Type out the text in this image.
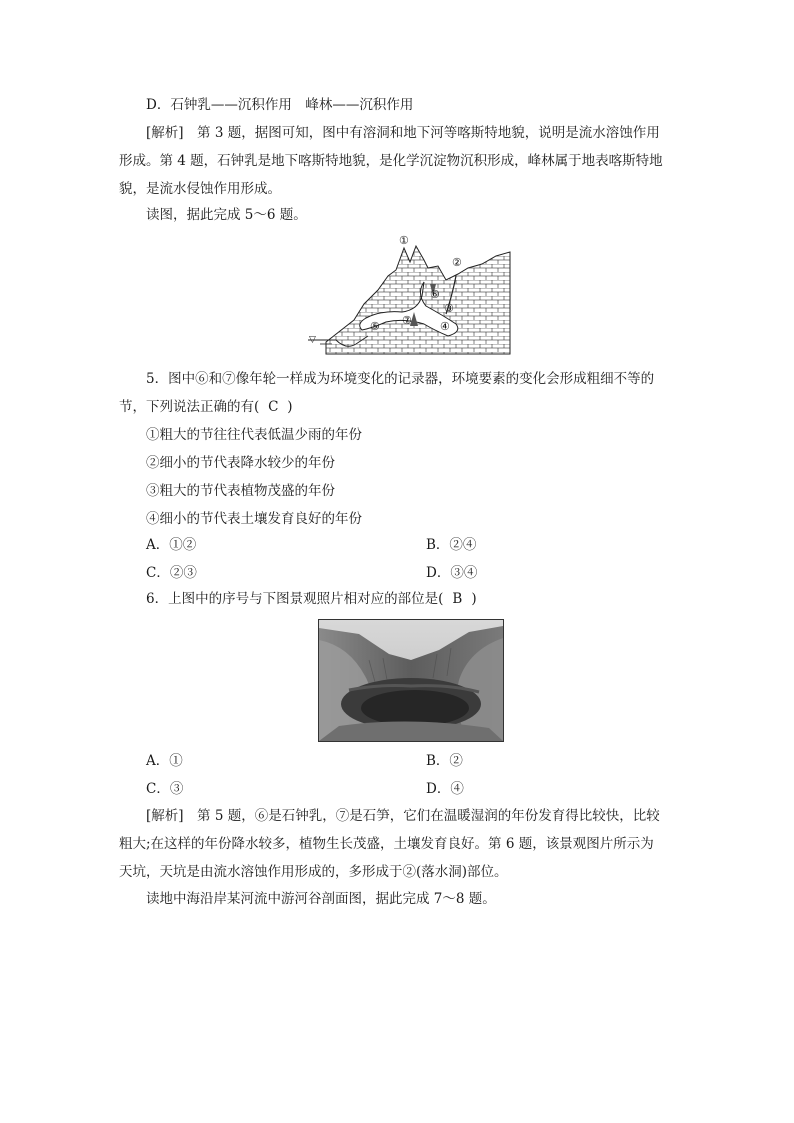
D．石钟乳——沉积作用　峰林——沉积作用
[解析]　第 3 题，据图可知，图中有溶洞和地下河等喀斯特地貌，说明是流水溶蚀作用
形成。第 4 题，石钟乳是地下喀斯特地貌，是化学沉淀物沉积形成，峰林属于地表喀斯特地
貌，是流水侵蚀作用形成。
读图，据此完成 5～6 题。
▽
①
②
③
④
⑤
⑥
⑦
5．图中⑥和⑦像年轮一样成为环境变化的记录器，环境要素的变化会形成粗细不等的
节，下列说法正确的有( C )
①粗大的节往往代表低温少雨的年份
②细小的节代表降水较少的年份
③粗大的节代表植物茂盛的年份
④细小的节代表土壤发育良好的年份
A．①②	B．②④
C．②③	D．③④
6．上图中的序号与下图景观照片相对应的部位是( B )
A．①	B．②
C．③	D．④
[解析]　第 5 题，⑥是石钟乳，⑦是石笋，它们在温暖湿润的年份发育得比较快，比较
粗大;在这样的年份降水较多，植物生长茂盛，土壤发育良好。第 6 题，该景观图片所示为
天坑，天坑是由流水溶蚀作用形成的，多形成于②(落水洞)部位。
读地中海沿岸某河流中游河谷剖面图，据此完成 7～8 题。
